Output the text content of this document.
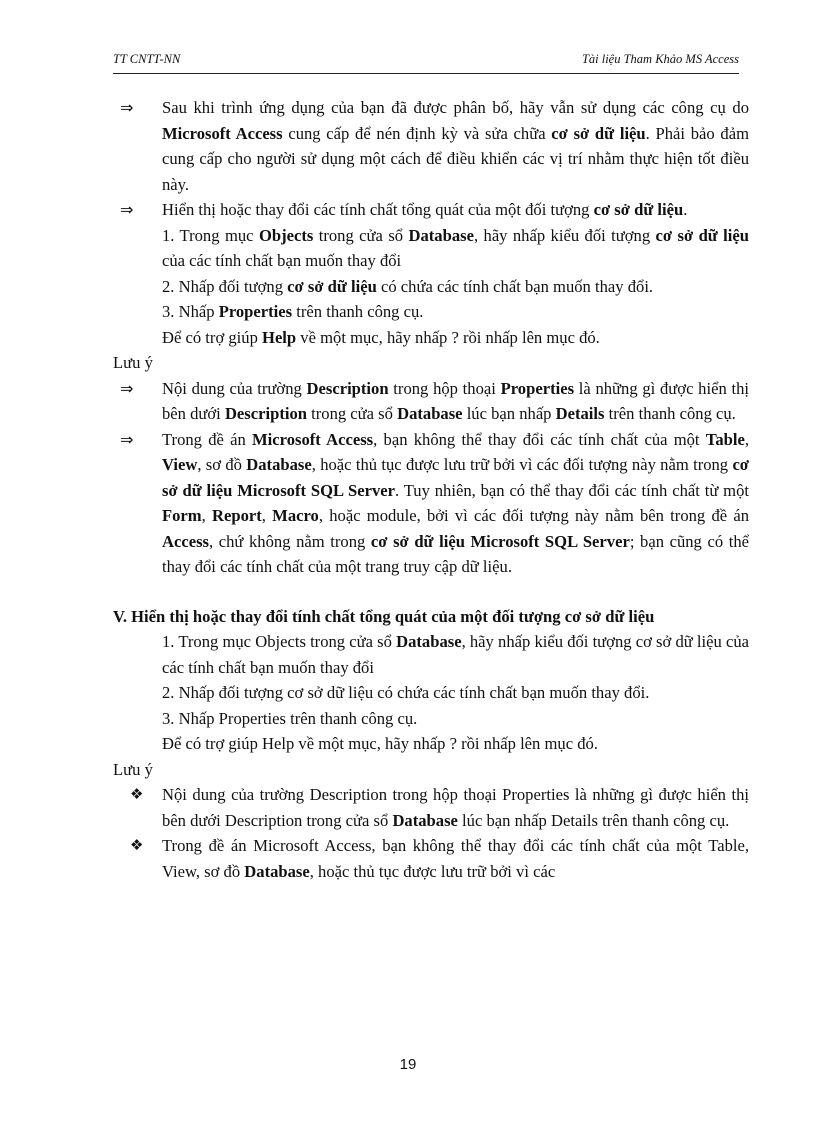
TT CNTT-NN	Tài liệu Tham Khảo MS Access
⇒ Sau khi trình ứng dụng của bạn đã được phân bố, hãy vẫn sử dụng các công cụ do Microsoft Access cung cấp để nén định kỳ và sửa chữa cơ sở dữ liệu. Phải bảo đảm cung cấp cho người sử dụng một cách để điều khiển các vị trí nhằm thực hiện tốt điều này.
⇒ Hiển thị hoặc thay đổi các tính chất tổng quát của một đối tượng cơ sở dữ liệu.
1. Trong mục Objects trong cửa sổ Database, hãy nhấp kiểu đối tượng cơ sở dữ liệu của các tính chất bạn muốn thay đổi
2. Nhấp đối tượng cơ sở dữ liệu có chứa các tính chất bạn muốn thay đổi.
3. Nhấp Properties trên thanh công cụ.
Để có trợ giúp Help về một mục, hãy nhấp ? rồi nhấp lên mục đó.
Lưu ý
⇒ Nội dung của trường Description trong hộp thoại Properties là những gì được hiển thị bên dưới Description trong cửa sổ Database lúc bạn nhấp Details trên thanh công cụ.
⇒ Trong đề án Microsoft Access, bạn không thể thay đổi các tính chất của một Table, View, sơ đồ Database, hoặc thủ tục được lưu trữ bởi vì các đối tượng này nằm trong cơ sở dữ liệu Microsoft SQL Server. Tuy nhiên, bạn có thể thay đổi các tính chất từ một Form, Report, Macro, hoặc module, bởi vì các đối tượng này nằm bên trong đề án Access, chứ không nằm trong cơ sở dữ liệu Microsoft SQL Server; bạn cũng có thể thay đổi các tính chất của một trang truy cập dữ liệu.
V. Hiển thị hoặc thay đổi tính chất tổng quát của một đối tượng cơ sở dữ liệu
1. Trong mục Objects trong cửa sổ Database, hãy nhấp kiểu đối tượng cơ sở dữ liệu của các tính chất bạn muốn thay đổi
2. Nhấp đối tượng cơ sở dữ liệu có chứa các tính chất bạn muốn thay đổi.
3. Nhấp Properties trên thanh công cụ.
Để có trợ giúp Help về một mục, hãy nhấp ? rồi nhấp lên mục đó.
Lưu ý
❖ Nội dung của trường Description trong hộp thoại Properties là những gì được hiển thị bên dưới Description trong cửa sổ Database lúc bạn nhấp Details trên thanh công cụ.
❖ Trong đề án Microsoft Access, bạn không thể thay đổi các tính chất của một Table, View, sơ đồ Database, hoặc thủ tục được lưu trữ bởi vì các
19
